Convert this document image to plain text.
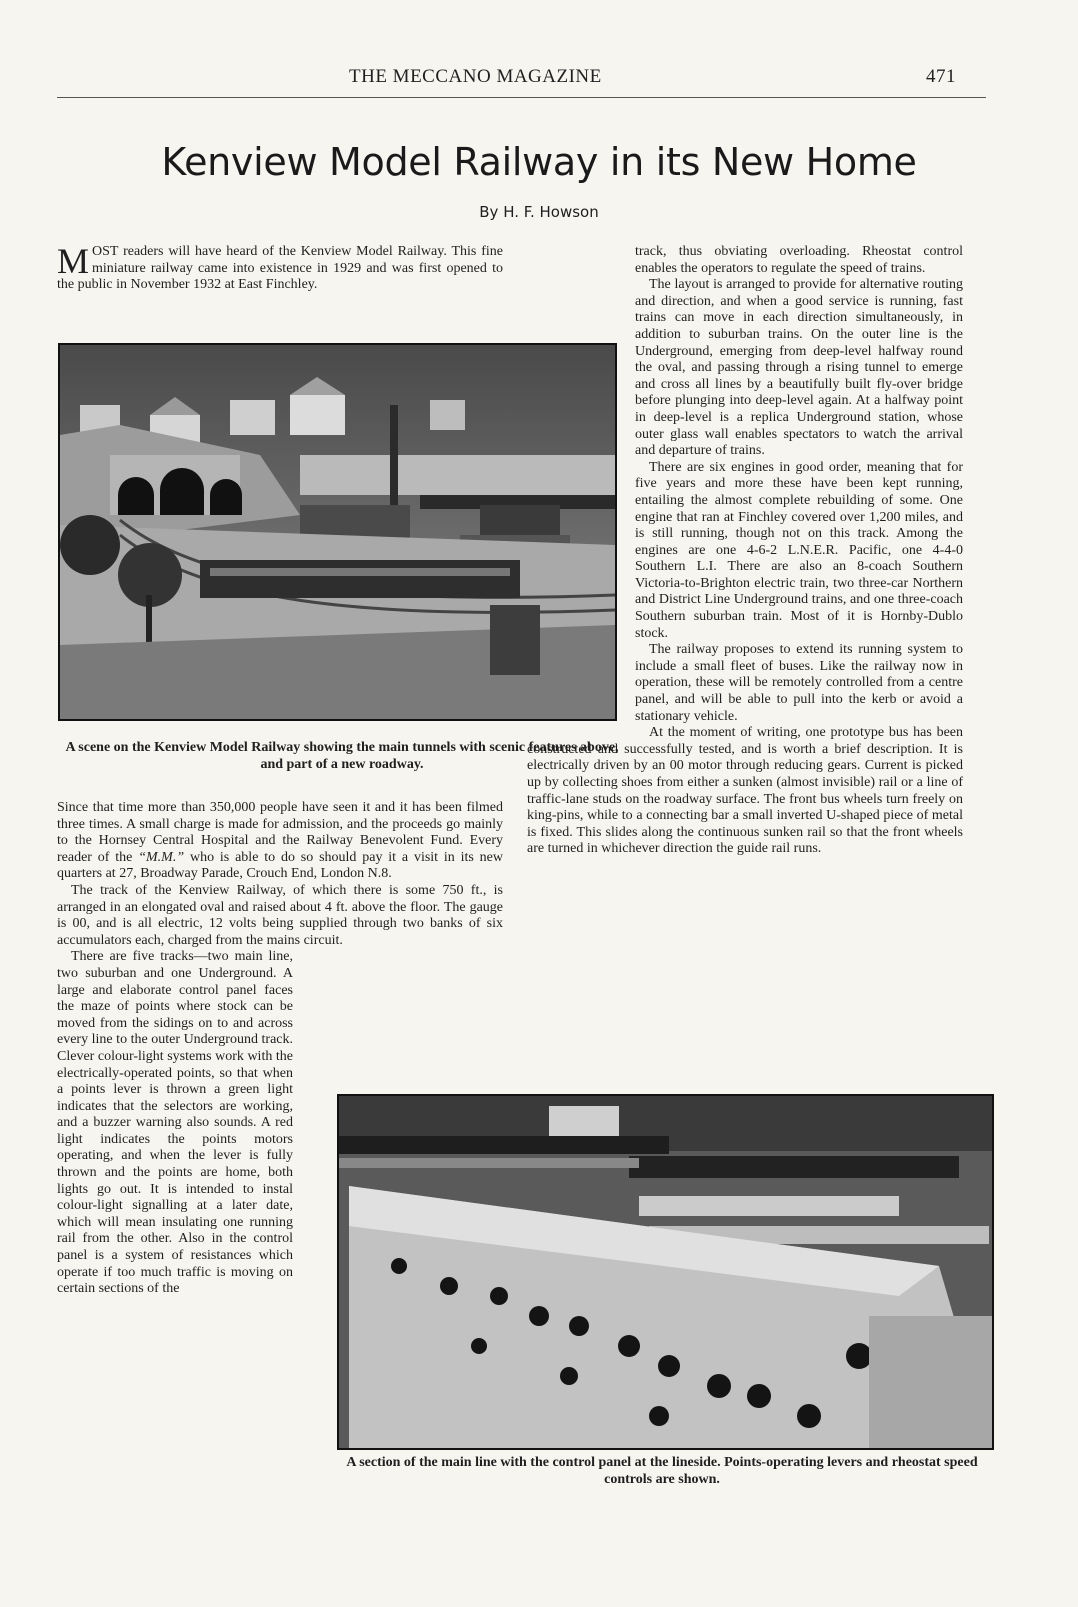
THE MECCANO MAGAZINE	471
Kenview Model Railway in its New Home
By H. F. Howson

MOST readers will have heard of the Kenview Model Railway. This fine miniature railway came into existence in 1929 and was first opened to the public in November 1932 at East Finchley.

track, thus obviating overloading. Rheostat control enables the operators to regulate the speed of trains.

The layout is arranged to provide for alternative routing and direction, and when a good service is running, fast trains can move in each direction simultaneously, in addition to suburban trains. On the outer line is the Underground, emerging from deep-level halfway round the oval, and passing through a rising tunnel to emerge and cross all lines by a beautifully built fly-over bridge before plunging into deep-level again. At a halfway point in deep-level is a replica Underground station, whose outer glass wall enables spectators to watch the arrival and departure of trains.

There are six engines in good order, meaning that for five years and more these have been kept running, entailing the almost complete rebuilding of some. One engine that ran at Finchley covered over 1,200 miles, and is still running, though not on this track. Among the engines are one 4-6-2 L.N.E.R. Pacific, one 4-4-0 Southern L.I. There are also an 8-coach Southern Victoria-to-Brighton electric train, two three-car Northern and District Line Underground trains, and one three-coach Southern suburban train. Most of it is Hornby-Dublo stock.

The railway proposes to extend its running system to include a small fleet of buses. Like the railway now in operation, these will be remotely controlled from a centre panel, and will be able to pull into the kerb or avoid a stationary vehicle.

At the moment of writing, one prototype bus has been constructed and successfully tested, and is worth a brief description. It is electrically driven by an 00 motor through reducing gears. Current is picked up by collecting shoes from either a sunken (almost invisible) rail or a line of traffic-lane studs on the roadway surface. The front bus wheels turn freely on king-pins, while to a connecting bar a small inverted U-shaped piece of metal is fixed. This slides along the continuous sunken rail so that the front wheels are turned in whichever direction the guide rail runs.

A scene on the Kenview Model Railway showing the main tunnels with scenic features above, and part of a new roadway.

Since that time more than 350,000 people have seen it and it has been filmed three times. A small charge is made for admission, and the proceeds go mainly to the Hornsey Central Hospital and the Railway Benevolent Fund. Every reader of the “M.M.” who is able to do so should pay it a visit in its new quarters at 27, Broadway Parade, Crouch End, London N.8.

The track of the Kenview Railway, of which there is some 750 ft., is arranged in an elongated oval and raised about 4 ft. above the floor. The gauge is 00, and is all electric, 12 volts being supplied through two banks of six accumulators each, charged from the mains circuit.

There are five tracks—two main line, two suburban and one Underground. A large and elaborate control panel faces the maze of points where stock can be moved from the sidings on to and across every line to the outer Underground track. Clever colour-light systems work with the electrically-operated points, so that when a points lever is thrown a green light indicates that the selectors are working, and a buzzer warning also sounds. A red light indicates the points motors operating, and when the lever is fully thrown and the points are home, both lights go out. It is intended to instal colour-light signalling at a later date, which will mean insulating one running rail from the other. Also in the control panel is a system of resistances which operate if too much traffic is moving on certain sections of the

A section of the main line with the control panel at the lineside. Points-operating levers and rheostat speed controls are shown.
